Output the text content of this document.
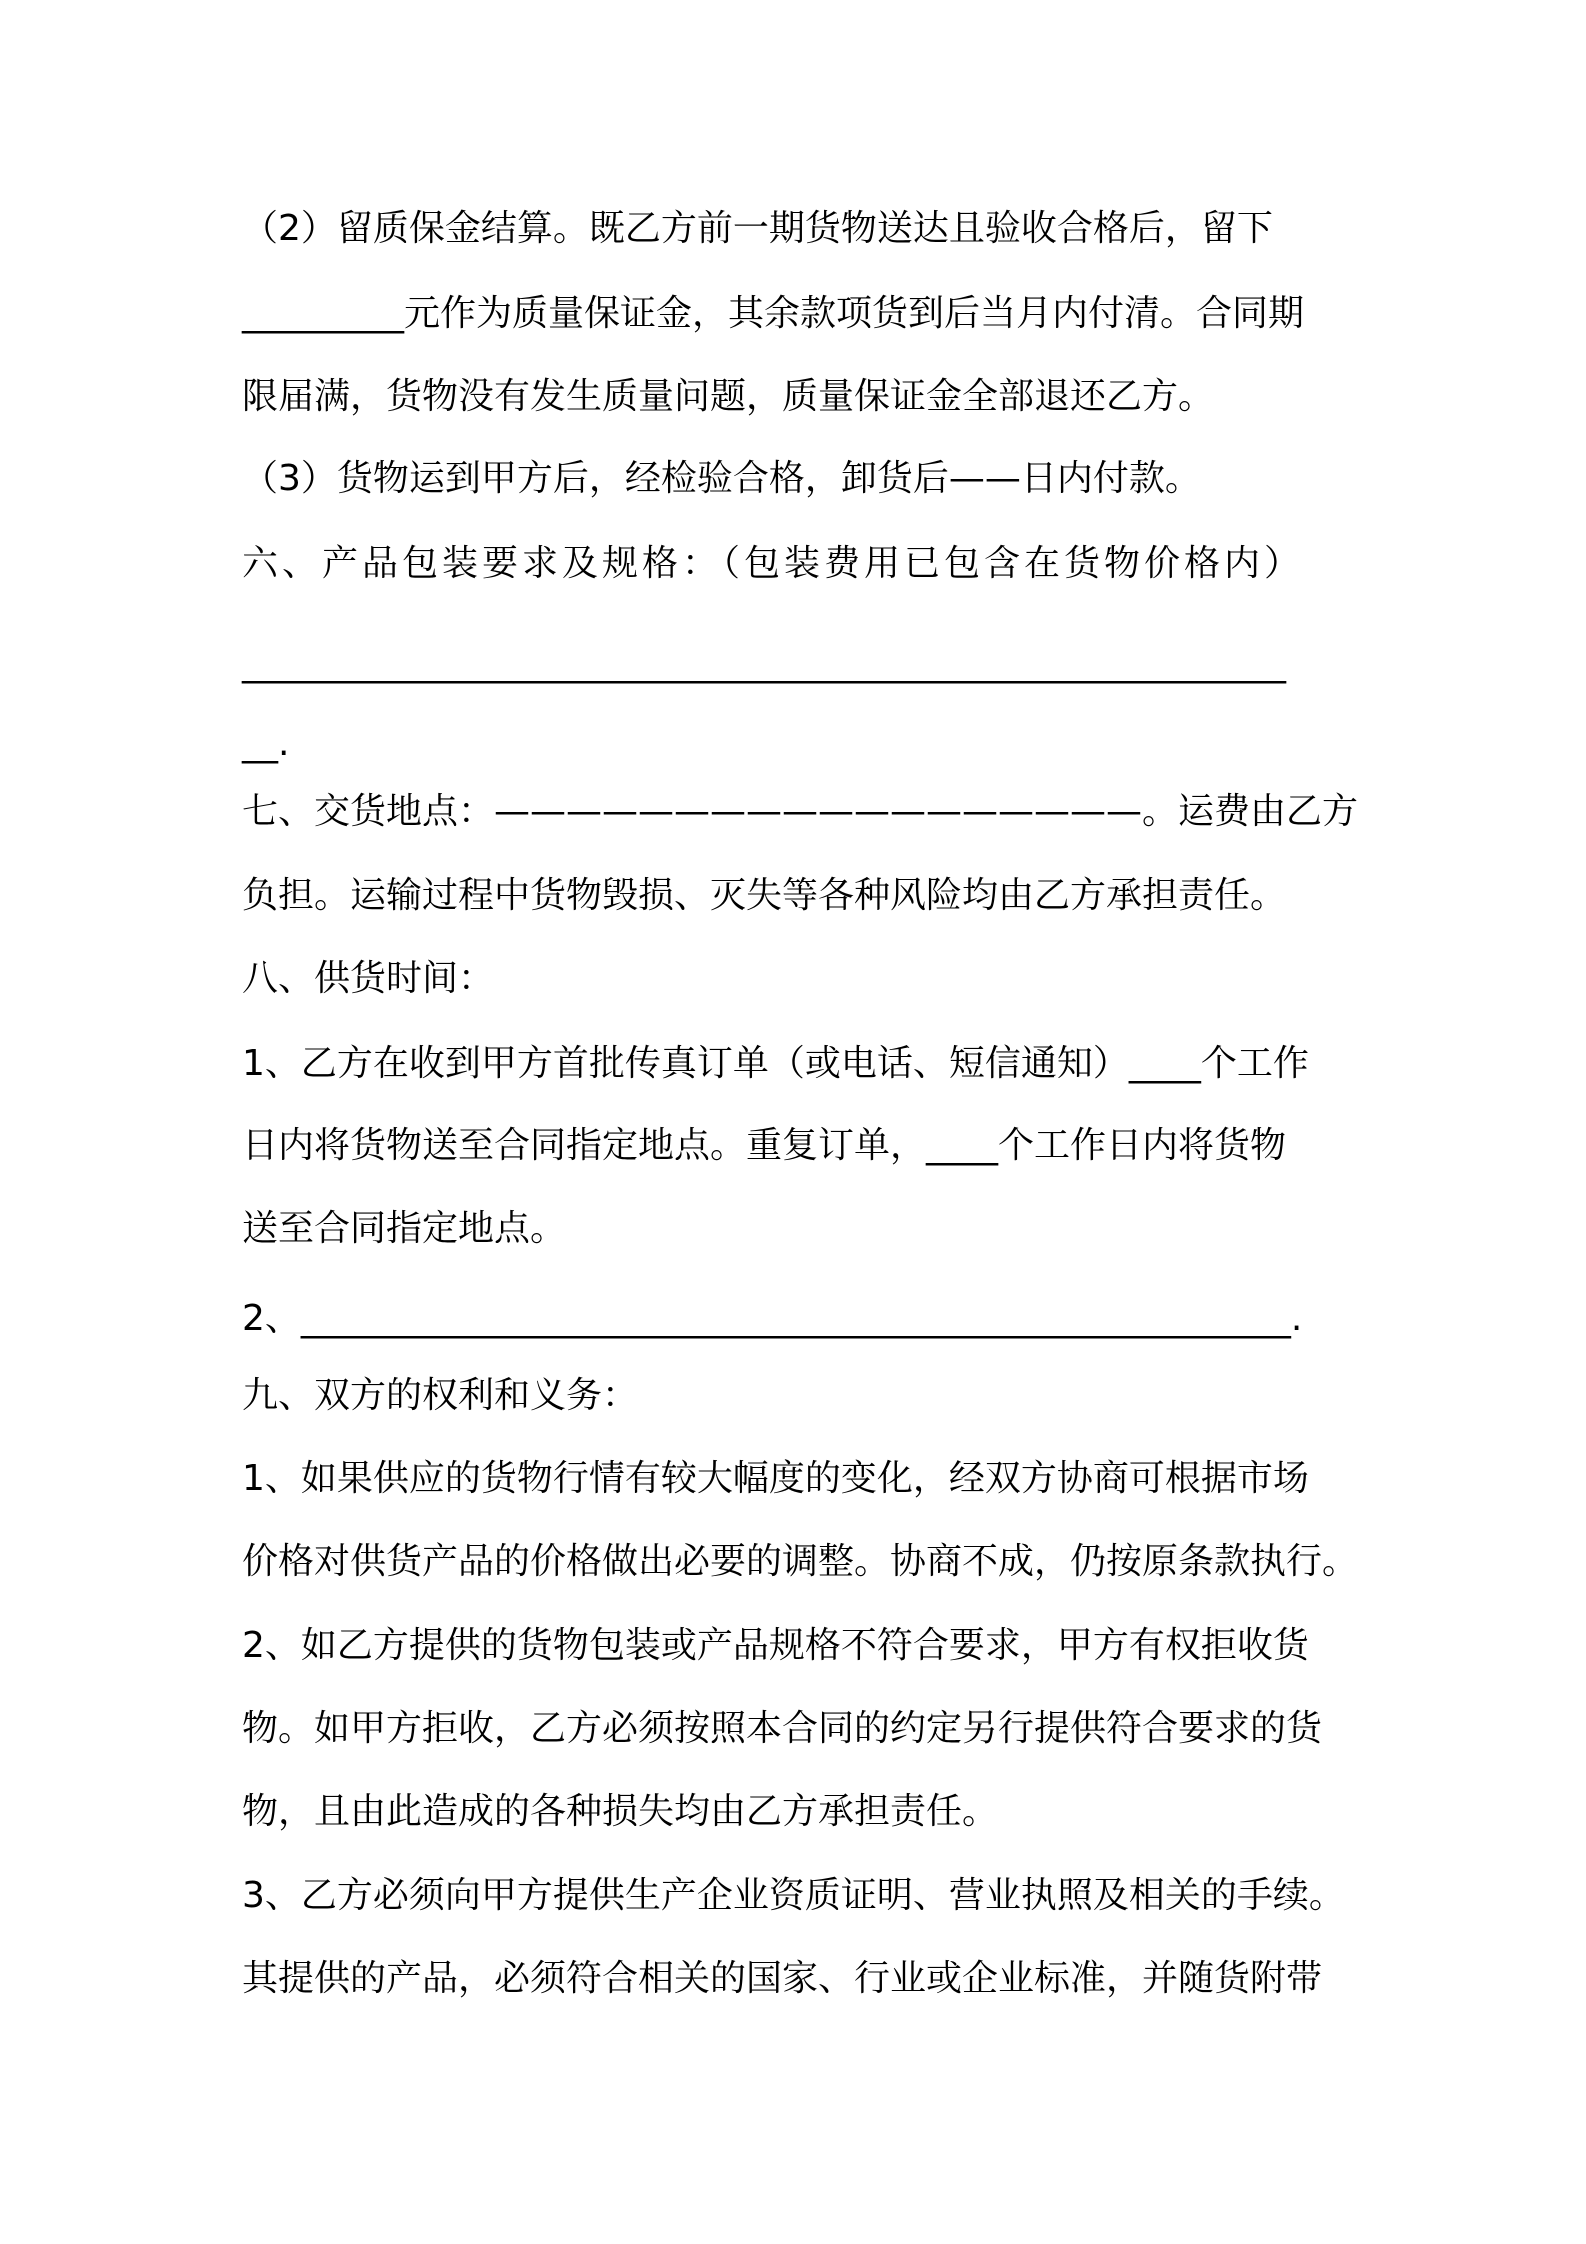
（2）留质保金结算。既乙方前一期货物送达且验收合格后，留下
_________元作为质量保证金，其余款项货到后当月内付清。合同期
限届满，货物没有发生质量问题，质量保证金全部退还乙方。
（3）货物运到甲方后，经检验合格，卸货后——日内付款。
六、产品包装要求及规格：（包装费用已包含在货物价格内）
__________________________________________________________
__.
七、交货地点：——————————————————。运费由乙方
负担。运输过程中货物毁损、灭失等各种风险均由乙方承担责任。
八、供货时间：
1、乙方在收到甲方首批传真订单（或电话、短信通知）____个工作
日内将货物送至合同指定地点。重复订单，____个工作日内将货物
送至合同指定地点。
2、_______________________________________________________.
九、双方的权利和义务：
1、如果供应的货物行情有较大幅度的变化，经双方协商可根据市场
价格对供货产品的价格做出必要的调整。协商不成，仍按原条款执行。
2、如乙方提供的货物包装或产品规格不符合要求，甲方有权拒收货
物。如甲方拒收，乙方必须按照本合同的约定另行提供符合要求的货
物，且由此造成的各种损失均由乙方承担责任。
3、乙方必须向甲方提供生产企业资质证明、营业执照及相关的手续。
其提供的产品，必须符合相关的国家、行业或企业标准，并随货附带
